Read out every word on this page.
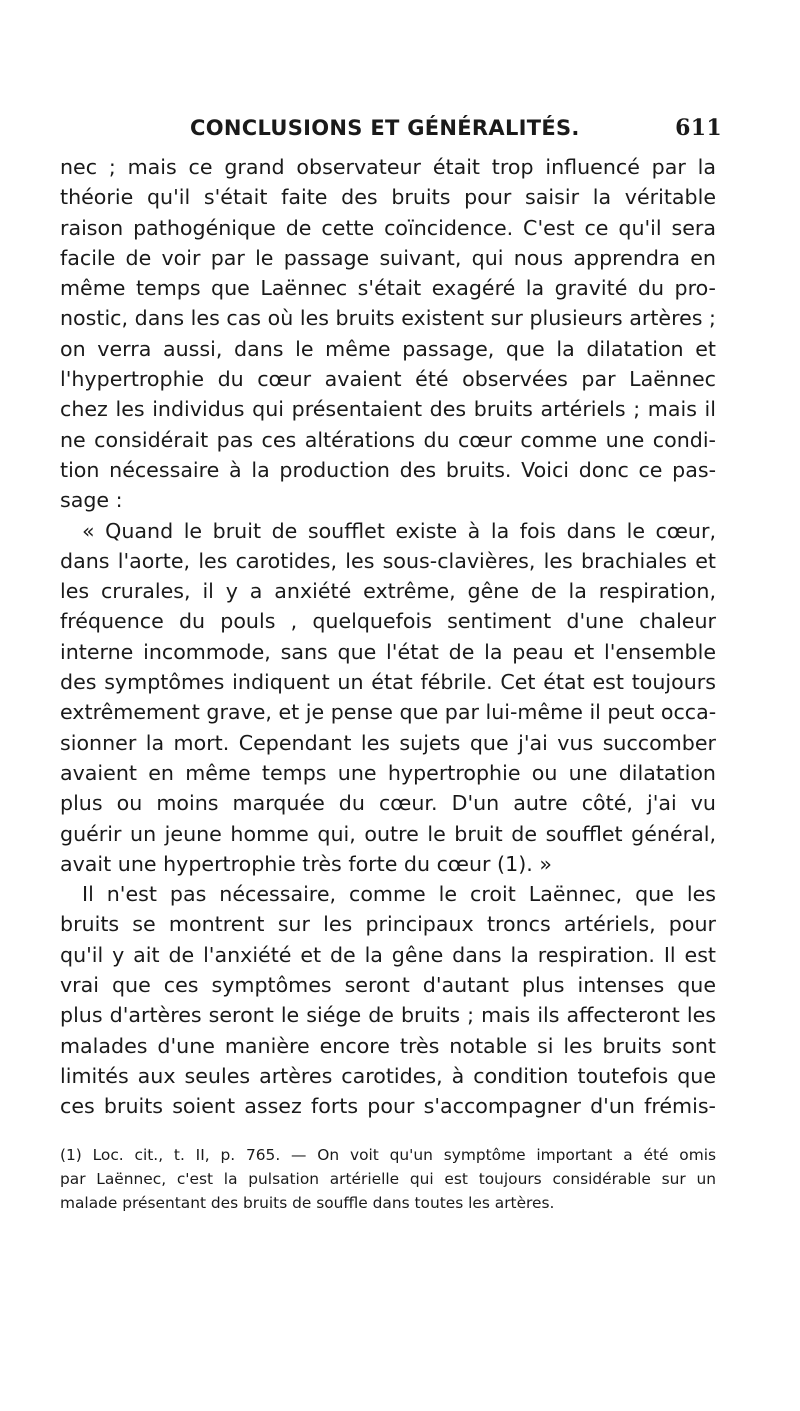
CONCLUSIONS ET GÉNÉRALITÉS.	611
nec ; mais ce grand observateur était trop influencé par la
théorie qu'il s'était faite des bruits pour saisir la véritable
raison pathogénique de cette coïncidence. C'est ce qu'il sera
facile de voir par le passage suivant, qui nous apprendra en
même temps que Laënnec s'était exagéré la gravité du pro-
nostic, dans les cas où les bruits existent sur plusieurs artères ;
on verra aussi, dans le même passage, que la dilatation et
l'hypertrophie du cœur avaient été observées par Laënnec
chez les individus qui présentaient des bruits artériels ; mais il
ne considérait pas ces altérations du cœur comme une condi-
tion nécessaire à la production des bruits. Voici donc ce pas-
sage :
« Quand le bruit de soufflet existe à la fois dans le cœur,
dans l'aorte, les carotides, les sous-clavières, les brachiales et
les crurales, il y a anxiété extrême, gêne de la respiration,
fréquence du pouls , quelquefois sentiment d'une chaleur
interne incommode, sans que l'état de la peau et l'ensemble
des symptômes indiquent un état fébrile. Cet état est toujours
extrêmement grave, et je pense que par lui-même il peut occa-
sionner la mort. Cependant les sujets que j'ai vus succomber
avaient en même temps une hypertrophie ou une dilatation
plus ou moins marquée du cœur. D'un autre côté, j'ai vu
guérir un jeune homme qui, outre le bruit de soufflet général,
avait une hypertrophie très forte du cœur (1). »
Il n'est pas nécessaire, comme le croit Laënnec, que les
bruits se montrent sur les principaux troncs artériels, pour
qu'il y ait de l'anxiété et de la gêne dans la respiration. Il est
vrai que ces symptômes seront d'autant plus intenses que
plus d'artères seront le siége de bruits ; mais ils affecteront les
malades d'une manière encore très notable si les bruits sont
limités aux seules artères carotides, à condition toutefois que
ces bruits soient assez forts pour s'accompagner d'un frémis-
(1) Loc. cit., t. II, p. 765. — On voit qu'un symptôme important a été omis
par Laënnec, c'est la pulsation artérielle qui est toujours considérable sur un
malade présentant des bruits de souffle dans toutes les artères.
